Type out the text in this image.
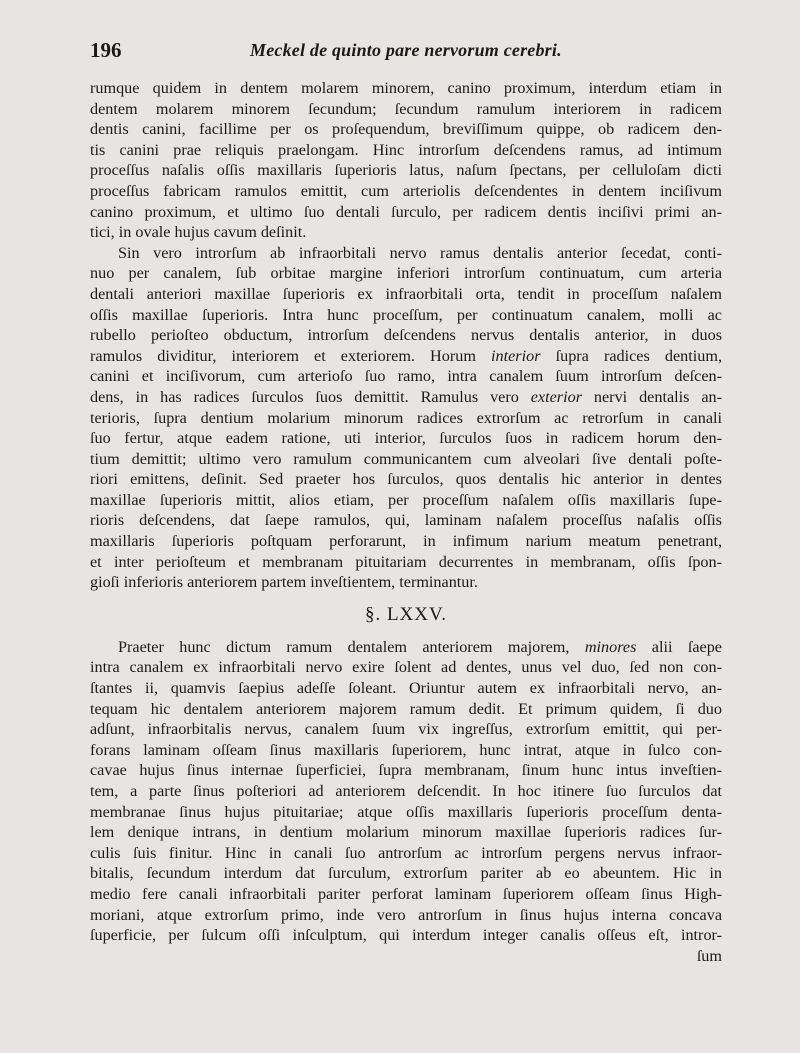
196	Meckel de quinto pare nervorum cerebri.
rumque quidem in dentem molarem minorem, canino proximum, interdum etiam in
dentem molarem minorem ſecundum; ſecundum ramulum interiorem in radicem
dentis canini, facillime per os proſequendum, breviſſimum quippe, ob radicem den-
tis canini prae reliquis praelongam. Hinc introrſum deſcendens ramus, ad intimum
proceſſus naſalis oſſis maxillaris ſuperioris latus, naſum ſpectans, per celluloſam dicti
proceſſus fabricam ramulos emittit, cum arteriolis deſcendentes in dentem inciſivum
canino proximum, et ultimo ſuo dentali ſurculo, per radicem dentis inciſivi primi an-
tici, in ovale hujus cavum deſinit.
Sin vero introrſum ab infraorbitali nervo ramus dentalis anterior ſecedat, conti-
nuo per canalem, ſub orbitae margine inferiori introrſum continuatum, cum arteria
dentali anteriori maxillae ſuperioris ex infraorbitali orta, tendit in proceſſum naſalem
oſſis maxillae ſuperioris. Intra hunc proceſſum, per continuatum canalem, molli ac
rubello perioſteo obductum, introrſum deſcendens nervus dentalis anterior, in duos
ramulos dividitur, interiorem et exteriorem. Horum interior ſupra radices dentium,
canini et inciſivorum, cum arterioſo ſuo ramo, intra canalem ſuum introrſum deſcen-
dens, in has radices ſurculos ſuos demittit. Ramulus vero exterior nervi dentalis an-
terioris, ſupra dentium molarium minorum radices extrorſum ac retrorſum in canali
ſuo fertur, atque eadem ratione, uti interior, ſurculos ſuos in radicem horum den-
tium demittit; ultimo vero ramulum communicantem cum alveolari ſive dentali poſte-
riori emittens, deſinit. Sed praeter hos ſurculos, quos dentalis hic anterior in dentes
maxillae ſuperioris mittit, alios etiam, per proceſſum naſalem oſſis maxillaris ſupe-
rioris deſcendens, dat ſaepe ramulos, qui, laminam naſalem proceſſus naſalis oſſis
maxillaris ſuperioris poſtquam perforarunt, in infimum narium meatum penetrant,
et inter perioſteum et membranam pituitariam decurrentes in membranam, oſſis ſpon-
gioſi inferioris anteriorem partem inveſtientem, terminantur.
§. LXXV.
Praeter hunc dictum ramum dentalem anteriorem majorem, minores alii ſaepe
intra canalem ex infraorbitali nervo exire ſolent ad dentes, unus vel duo, ſed non con-
ſtantes ii, quamvis ſaepius adeſſe ſoleant. Oriuntur autem ex infraorbitali nervo, an-
tequam hic dentalem anteriorem majorem ramum dedit. Et primum quidem, ſi duo
adſunt, infraorbitalis nervus, canalem ſuum vix ingreſſus, extrorſum emittit, qui per-
forans laminam oſſeam ſinus maxillaris ſuperiorem, hunc intrat, atque in ſulco con-
cavae hujus ſinus internae ſuperficiei, ſupra membranam, ſinum hunc intus inveſtien-
tem, a parte ſinus poſteriori ad anteriorem deſcendit. In hoc itinere ſuo ſurculos dat
membranae ſinus hujus pituitariae; atque oſſis maxillaris ſuperioris proceſſum denta-
lem denique intrans, in dentium molarium minorum maxillae ſuperioris radices ſur-
culis ſuis finitur. Hinc in canali ſuo antrorſum ac introrſum pergens nervus infraor-
bitalis, ſecundum interdum dat ſurculum, extrorſum pariter ab eo abeuntem. Hic in
medio fere canali infraorbitali pariter perforat laminam ſuperiorem oſſeam ſinus High-
moriani, atque extrorſum primo, inde vero antrorſum in ſinus hujus interna concava
ſuperficie, per ſulcum oſſi inſculptum, qui interdum integer canalis oſſeus eſt, intror-
ſum
